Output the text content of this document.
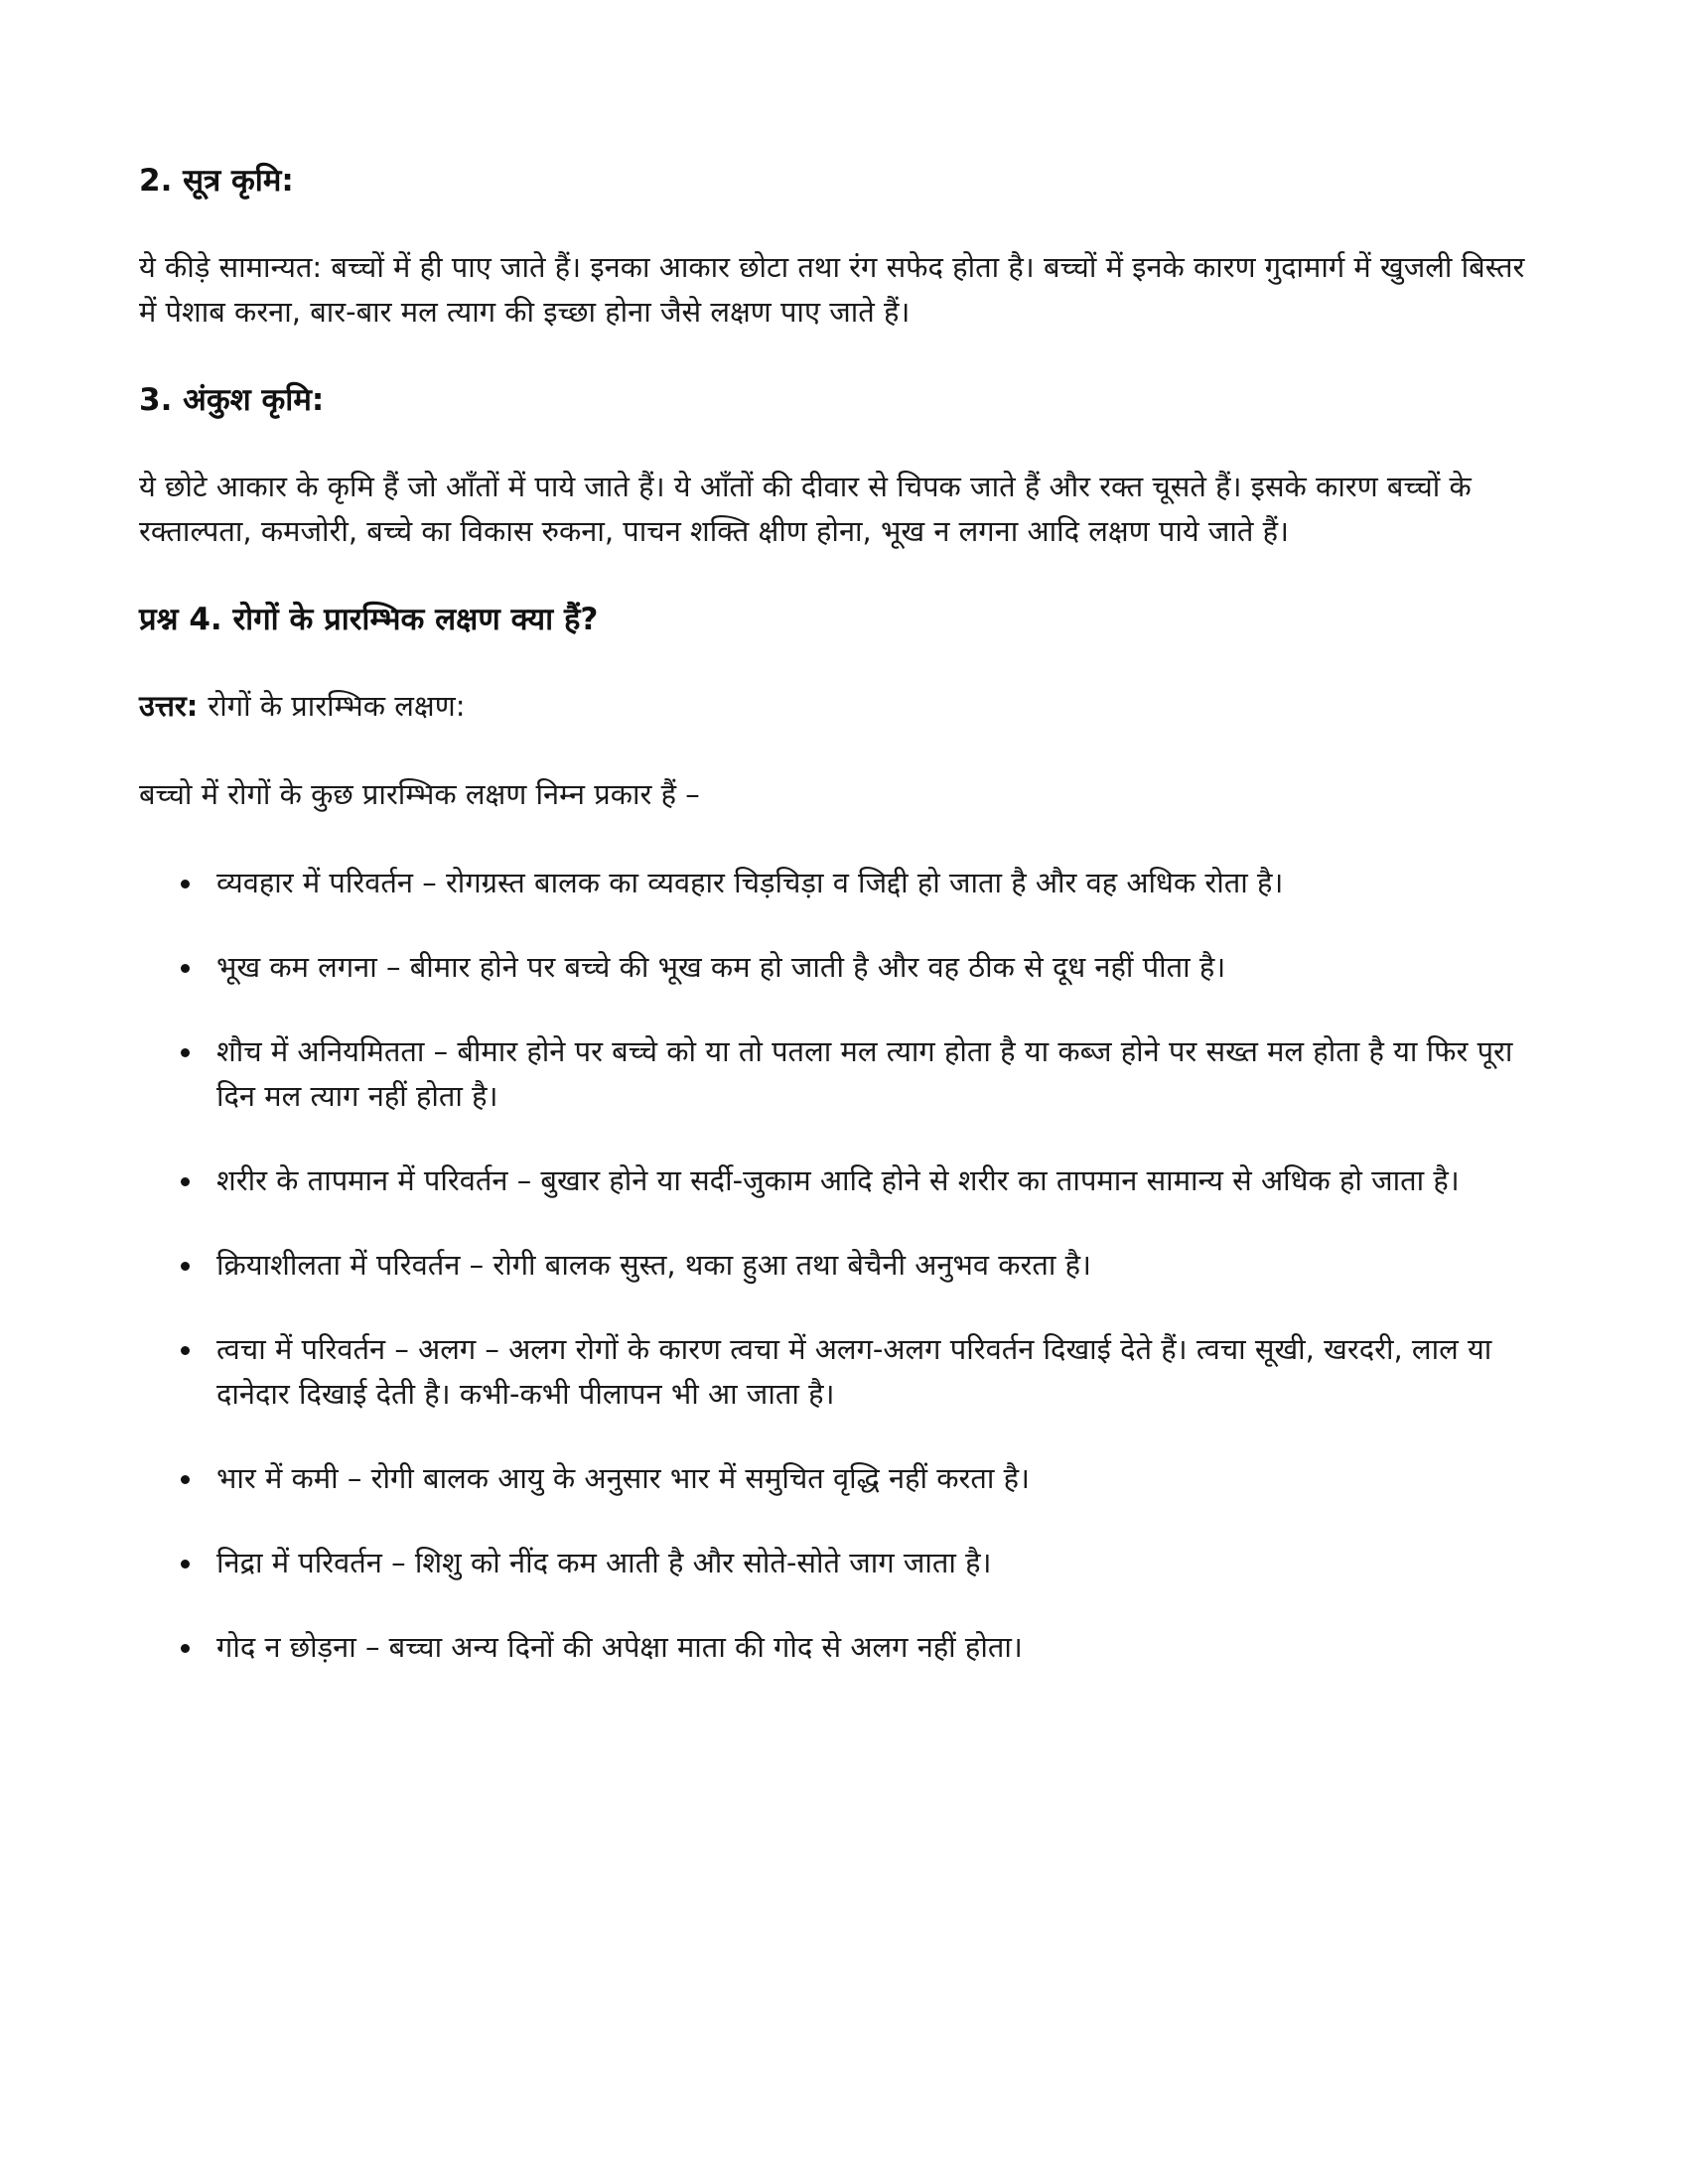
2. सूत्र कृमि:

ये कीड़े सामान्यत: बच्चों में ही पाए जाते हैं। इनका आकार छोटा तथा रंग सफेद होता है। बच्चों में इनके कारण गुदामार्ग में खुजली बिस्तर में पेशाब करना, बार-बार मल त्याग की इच्छा होना जैसे लक्षण पाए जाते हैं।

3. अंकुश कृमि:

ये छोटे आकार के कृमि हैं जो आँतों में पाये जाते हैं। ये आँतों की दीवार से चिपक जाते हैं और रक्त चूसते हैं। इसके कारण बच्चों के रक्ताल्पता, कमजोरी, बच्चे का विकास रुकना, पाचन शक्ति क्षीण होना, भूख न लगना आदि लक्षण पाये जाते हैं।

प्रश्न 4. रोगों के प्रारम्भिक लक्षण क्या हैं?

उत्तर: रोगों के प्रारम्भिक लक्षण:

बच्चो में रोगों के कुछ प्रारम्भिक लक्षण निम्न प्रकार हैं –

व्यवहार में परिवर्तन – रोगग्रस्त बालक का व्यवहार चिड़चिड़ा व जिद्दी हो जाता है और वह अधिक रोता है।
भूख कम लगना – बीमार होने पर बच्चे की भूख कम हो जाती है और वह ठीक से दूध नहीं पीता है।
शौच में अनियमितता – बीमार होने पर बच्चे को या तो पतला मल त्याग होता है या कब्ज होने पर सख्त मल होता है या फिर पूरा दिन मल त्याग नहीं होता है।
शरीर के तापमान में परिवर्तन – बुखार होने या सर्दी-जुकाम आदि होने से शरीर का तापमान सामान्य से अधिक हो जाता है।
क्रियाशीलता में परिवर्तन – रोगी बालक सुस्त, थका हुआ तथा बेचैनी अनुभव करता है।
त्वचा में परिवर्तन – अलग – अलग रोगों के कारण त्वचा में अलग-अलग परिवर्तन दिखाई देते हैं। त्वचा सूखी, खरदरी, लाल या दानेदार दिखाई देती है। कभी-कभी पीलापन भी आ जाता है।
भार में कमी – रोगी बालक आयु के अनुसार भार में समुचित वृद्धि नहीं करता है।
निद्रा में परिवर्तन – शिशु को नींद कम आती है और सोते-सोते जाग जाता है।
गोद न छोड़ना – बच्चा अन्य दिनों की अपेक्षा माता की गोद से अलग नहीं होता।
